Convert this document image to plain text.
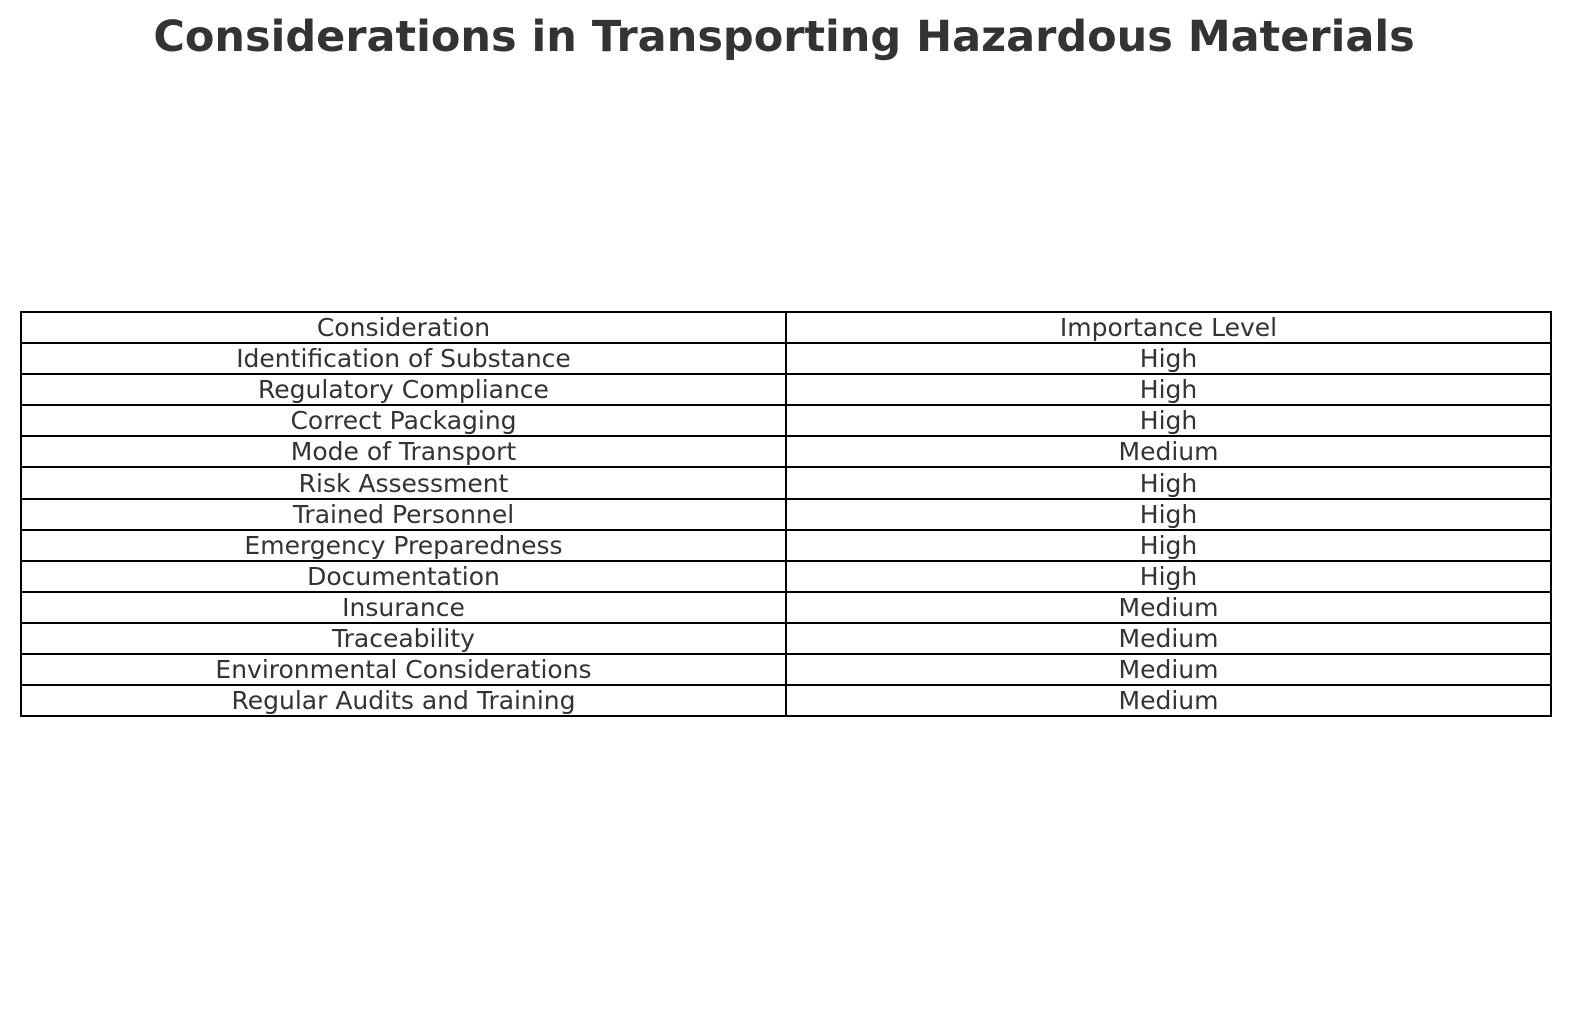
Considerations in Transporting Hazardous Materials
Consideration	Importance Level
Identification of Substance	High
Regulatory Compliance	High
Correct Packaging	High
Mode of Transport	Medium
Risk Assessment	High
Trained Personnel	High
Emergency Preparedness	High
Documentation	High
Insurance	Medium
Traceability	Medium
Environmental Considerations	Medium
Regular Audits and Training	Medium
